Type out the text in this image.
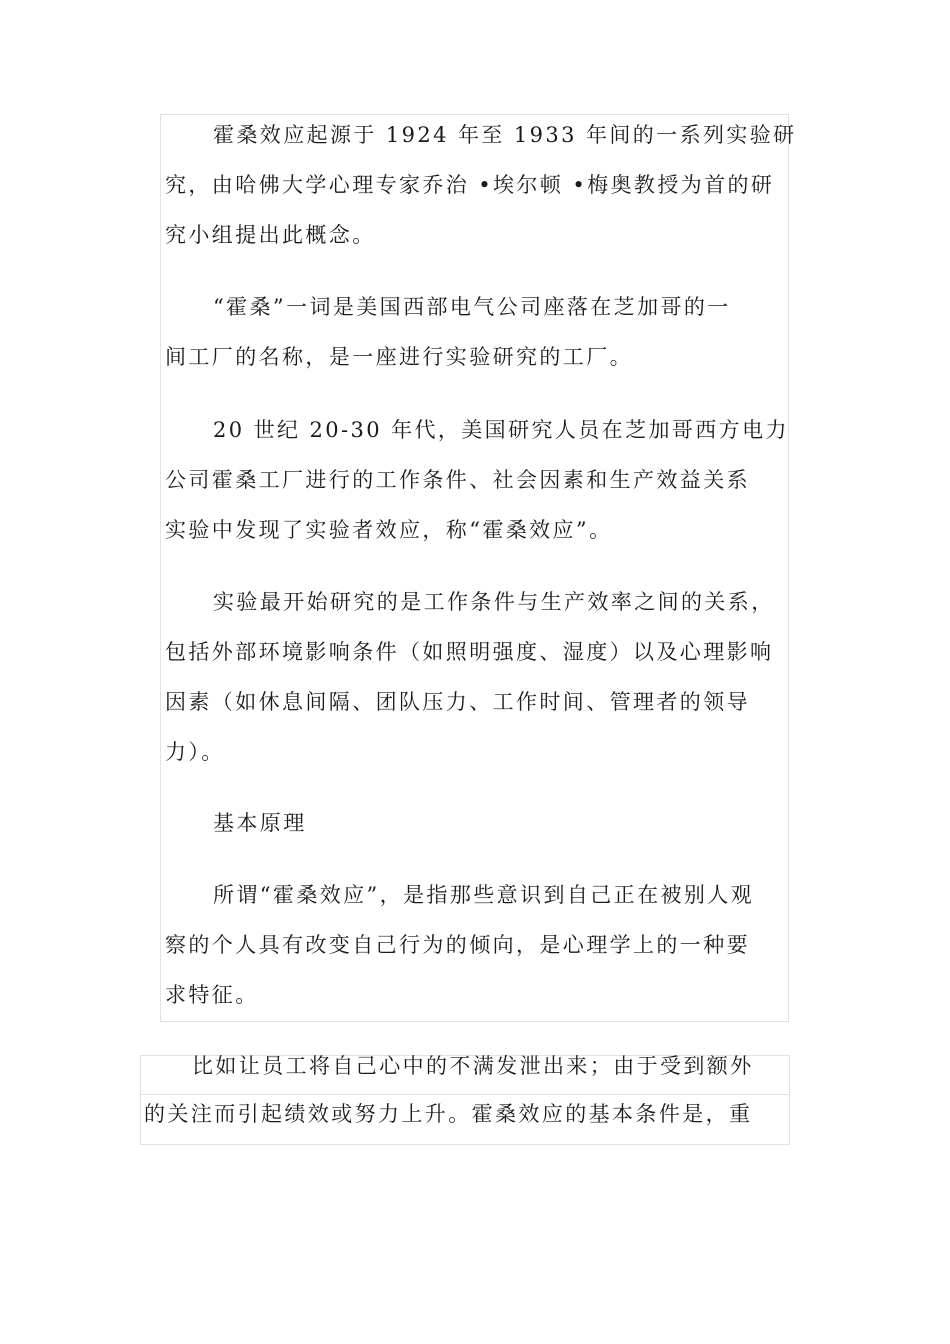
霍桑效应起源于 1924 年至 1933 年间的一系列实验研
究，由哈佛大学心理专家乔治 •埃尔顿 •梅奥教授为首的研
究小组提出此概念。

“霍桑”一词是美国西部电气公司座落在芝加哥的一
间工厂的名称，是一座进行实验研究的工厂。

20 世纪 20-30 年代，美国研究人员在芝加哥西方电力
公司霍桑工厂进行的工作条件、社会因素和生产效益关系
实验中发现了实验者效应，称“霍桑效应”。

实验最开始研究的是工作条件与生产效率之间的关系，
包括外部环境影响条件（如照明强度、湿度）以及心理影响
因素（如休息间隔、团队压力、工作时间、管理者的领导
力）。

基本原理

所谓“霍桑效应”，是指那些意识到自己正在被别人观
察的个人具有改变自己行为的倾向，是心理学上的一种要
求特征。

比如让员工将自己心中的不满发泄出来；由于受到额外
的关注而引起绩效或努力上升。霍桑效应的基本条件是，重
